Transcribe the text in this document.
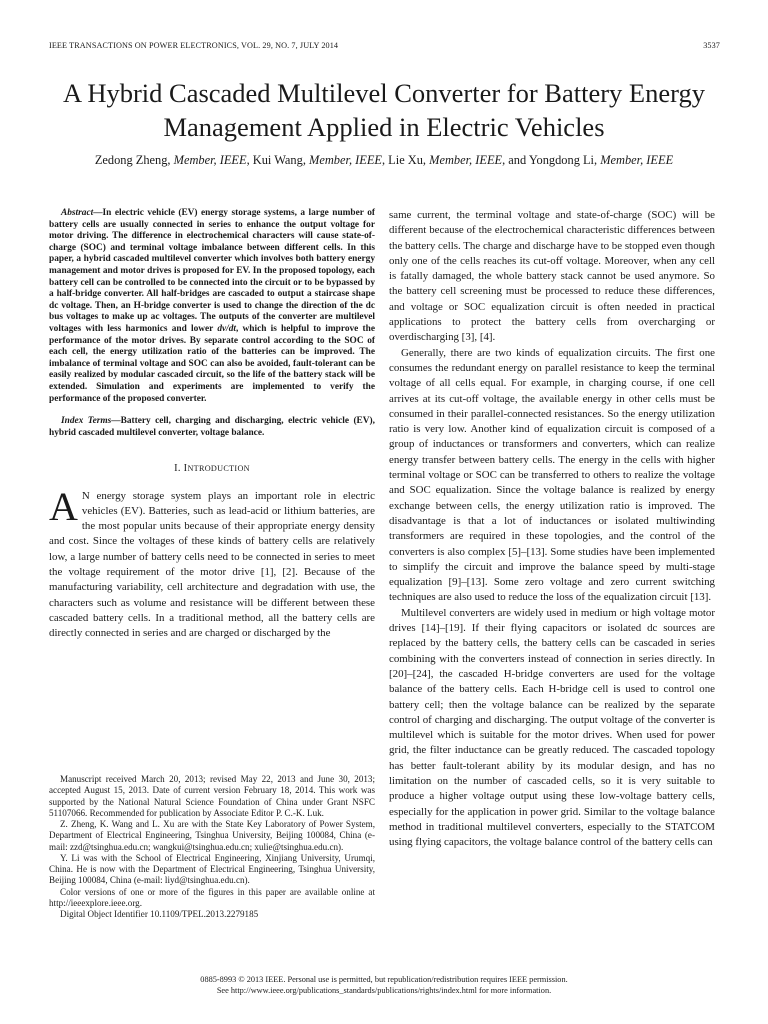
IEEE TRANSACTIONS ON POWER ELECTRONICS, VOL. 29, NO. 7, JULY 2014	3537
A Hybrid Cascaded Multilevel Converter for Battery Energy Management Applied in Electric Vehicles
Zedong Zheng, Member, IEEE, Kui Wang, Member, IEEE, Lie Xu, Member, IEEE, and Yongdong Li, Member, IEEE

Abstract—In electric vehicle (EV) energy storage systems, a large number of battery cells are usually connected in series to enhance the output voltage for motor driving. The difference in electrochemical characters will cause state-of-charge (SOC) and terminal voltage imbalance between different cells. In this paper, a hybrid cascaded multilevel converter which involves both battery energy management and motor drives is proposed for EV. In the proposed topology, each battery cell can be controlled to be connected into the circuit or to be bypassed by a half-bridge converter. All half-bridges are cascaded to output a staircase shape dc voltage. Then, an H-bridge converter is used to change the direction of the dc bus voltages to make up ac voltages. The outputs of the converter are multilevel voltages with less harmonics and lower dv/dt, which is helpful to improve the performance of the motor drives. By separate control according to the SOC of each cell, the energy utilization ratio of the batteries can be improved. The imbalance of terminal voltage and SOC can also be avoided, fault-tolerant can be easily realized by modular cascaded circuit, so the life of the battery stack will be extended. Simulation and experiments are implemented to verify the performance of the proposed converter.

Index Terms—Battery cell, charging and discharging, electric vehicle (EV), hybrid cascaded multilevel converter, voltage balance.

I. INTRODUCTION

A N energy storage system plays an important role in electric vehicles (EV). Batteries, such as lead-acid or lithium batteries, are the most popular units because of their appropriate energy density and cost. Since the voltages of these kinds of battery cells are relatively low, a large number of battery cells need to be connected in series to meet the voltage requirement of the motor drive [1], [2]. Because of the manufacturing variability, cell architecture and degradation with use, the characters such as volume and resistance will be different between these cascaded battery cells. In a traditional method, all the battery cells are directly connected in series and are charged or discharged by the

Manuscript received March 20, 2013; revised May 22, 2013 and June 30, 2013; accepted August 15, 2013. Date of current version February 18, 2014. This work was supported by the National Natural Science Foundation of China under Grant NSFC 51107066. Recommended for publication by Associate Editor P. C.-K. Luk.

Z. Zheng, K. Wang and L. Xu are with the State Key Laboratory of Power System, Department of Electrical Engineering, Tsinghua University, Beijing 100084, China (e-mail: zzd@tsinghua.edu.cn; wangkui@tsinghua.edu.cn; xulie@tsinghua.edu.cn).

Y. Li was with the School of Electrical Engineering, Xinjiang University, Urumqi, China. He is now with the Department of Electrical Engineering, Tsinghua University, Beijing 100084, China (e-mail: liyd@tsinghua.edu.cn).

Color versions of one or more of the figures in this paper are available online at http://ieeexplore.ieee.org.

Digital Object Identifier 10.1109/TPEL.2013.2279185

same current, the terminal voltage and state-of-charge (SOC) will be different because of the electrochemical characteristic differences between the battery cells. The charge and discharge have to be stopped even though only one of the cells reaches its cut-off voltage. Moreover, when any cell is fatally damaged, the whole battery stack cannot be used anymore. So the battery cell screening must be processed to reduce these differences, and voltage or SOC equalization circuit is often needed in practical applications to protect the battery cells from overcharging or overdischarging [3], [4].

Generally, there are two kinds of equalization circuits. The first one consumes the redundant energy on parallel resistance to keep the terminal voltage of all cells equal. For example, in charging course, if one cell arrives at its cut-off voltage, the available energy in other cells must be consumed in their parallel-connected resistances. So the energy utilization ratio is very low. Another kind of equalization circuit is composed of a group of inductances or transformers and converters, which can realize energy transfer between battery cells. The energy in the cells with higher terminal voltage or SOC can be transferred to others to realize the voltage and SOC equalization. Since the voltage balance is realized by energy exchange between cells, the energy utilization ratio is improved. The disadvantage is that a lot of inductances or isolated multiwinding transformers are required in these topologies, and the control of the converters is also complex [5]–[13]. Some studies have been implemented to simplify the circuit and improve the balance speed by multi-stage equalization [9]–[13]. Some zero voltage and zero current switching techniques are also used to reduce the loss of the equalization circuit [13].

Multilevel converters are widely used in medium or high voltage motor drives [14]–[19]. If their flying capacitors or isolated dc sources are replaced by the battery cells, the battery cells can be cascaded in series combining with the converters instead of connection in series directly. In [20]–[24], the cascaded H-bridge converters are used for the voltage balance of the battery cells. Each H-bridge cell is used to control one battery cell; then the voltage balance can be realized by the separate control of charging and discharging. The output voltage of the converter is multilevel which is suitable for the motor drives. When used for power grid, the filter inductance can be greatly reduced. The cascaded topology has better fault-tolerant ability by its modular design, and has no limitation on the number of cascaded cells, so it is very suitable to produce a higher voltage output using these low-voltage battery cells, especially for the application in power grid. Similar to the voltage balance method in traditional multilevel converters, especially to the STATCOM using flying capacitors, the voltage balance control of the battery cells can

0885-8993 © 2013 IEEE. Personal use is permitted, but republication/redistribution requires IEEE permission.
See http://www.ieee.org/publications_standards/publications/rights/index.html for more information.
